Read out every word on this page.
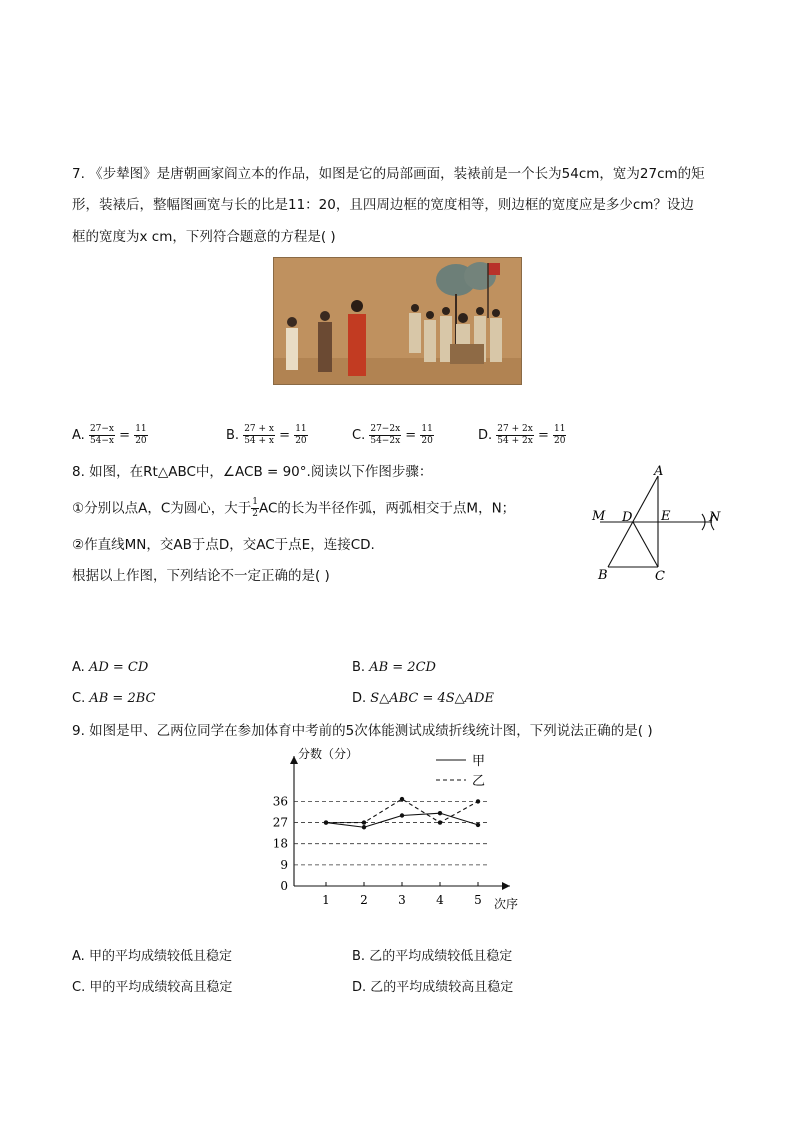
7. 《步辇图》是唐朝画家阎立本的作品，如图是它的局部画面，装裱前是一个长为54cm，宽为27cm的矩
形，装裱后，整幅图画宽与长的比是11：20，且四周边框的宽度相等，则边框的宽度应是多少cm？设边
框的宽度为x cm，下列符合题意的方程是( )
A. $\frac{27-x}{54-x} = \frac{11}{20}$	B. $\frac{27 + x}{54 + x} = \frac{11}{20}$	C. $\frac{27-2x}{54-2x} = \frac{11}{20}$	D. $\frac{27 + 2x}{54 + 2x} = \frac{11}{20}$
8. 如图，在Rt△ABC中，∠ACB = 90°.阅读以下作图步骤：
①分别以点A，C为圆心，大于 $\frac{1}{2}$ AC的长为半径作弧，两弧相交于点M，N；
②作直线MN，交AB于点D，交AC于点E，连接CD.
根据以上作图，下列结论不一定正确的是( )
A
B	C
D E
M	N
A. AD = CD	B. AB = 2CD
C. AB = 2BC	D. S△ABC = 4S△ADE
9. 如图是甲、乙两位同学在参加体育中考前的5次体能测试成绩折线统计图，下列说法正确的是( )
0
9
18
27
36
1	2	3	4	5
分数（分）
次序
甲
乙
A. 甲的平均成绩较低且稳定	B. 乙的平均成绩较低且稳定
C. 甲的平均成绩较高且稳定	D. 乙的平均成绩较高且稳定
